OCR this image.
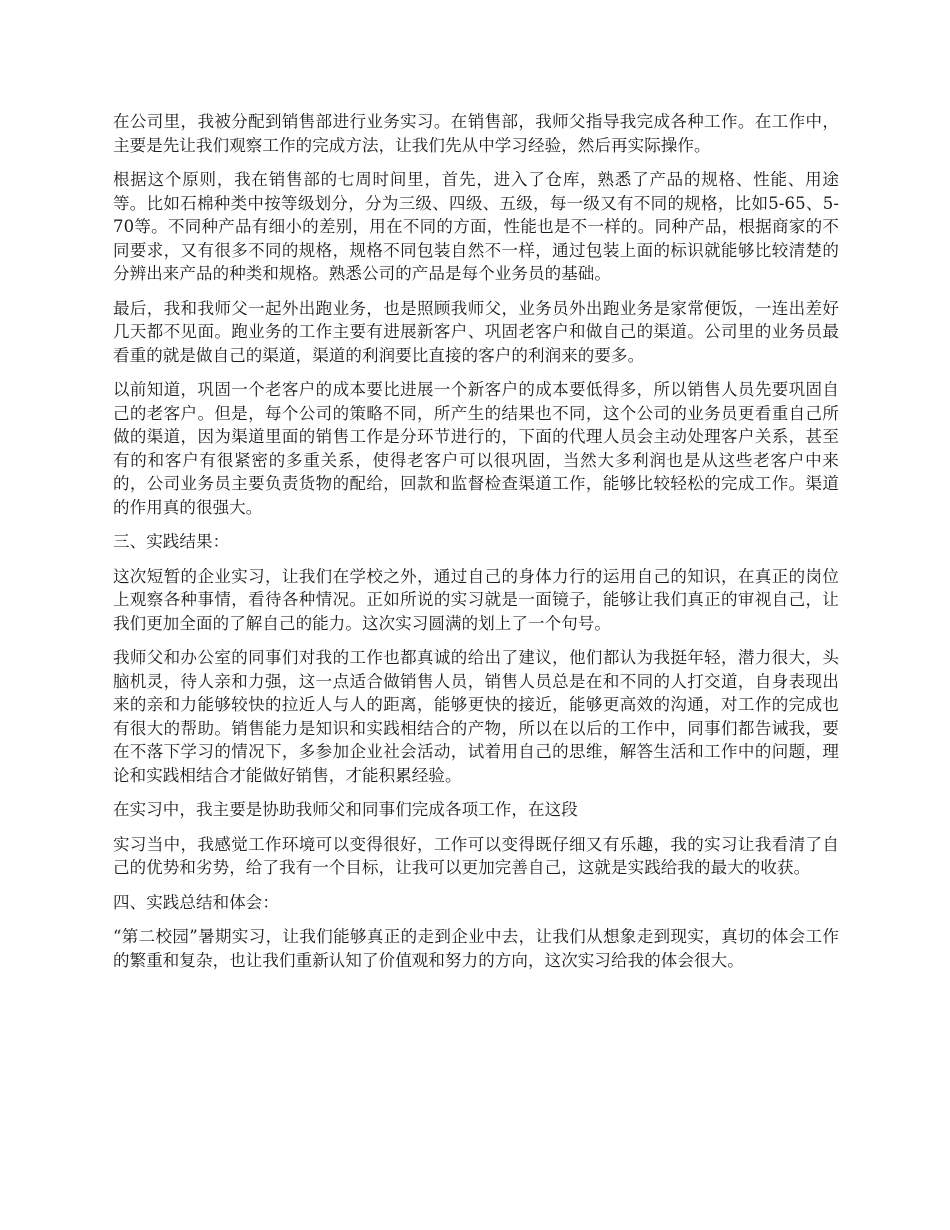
在公司里，我被分配到销售部进行业务实习。在销售部，我师父指导我完成各种工作。在工作中，主要是先让我们观察工作的完成方法，让我们先从中学习经验，然后再实际操作。

根据这个原则，我在销售部的七周时间里，首先，进入了仓库，熟悉了产品的规格、性能、用途等。比如石棉种类中按等级划分，分为三级、四级、五级，每一级又有不同的规格，比如5-65、5-70等。不同种产品有细小的差别，用在不同的方面，性能也是不一样的。同种产品，根据商家的不同要求，又有很多不同的规格，规格不同包装自然不一样，通过包装上面的标识就能够比较清楚的分辨出来产品的种类和规格。熟悉公司的产品是每个业务员的基础。

最后，我和我师父一起外出跑业务，也是照顾我师父，业务员外出跑业务是家常便饭，一连出差好几天都不见面。跑业务的工作主要有进展新客户、巩固老客户和做自己的渠道。公司里的业务员最看重的就是做自己的渠道，渠道的利润要比直接的客户的利润来的要多。

以前知道，巩固一个老客户的成本要比进展一个新客户的成本要低得多，所以销售人员先要巩固自己的老客户。但是，每个公司的策略不同，所产生的结果也不同，这个公司的业务员更看重自己所做的渠道，因为渠道里面的销售工作是分环节进行的，下面的代理人员会主动处理客户关系，甚至有的和客户有很紧密的多重关系，使得老客户可以很巩固，当然大多利润也是从这些老客户中来的，公司业务员主要负责货物的配给，回款和监督检查渠道工作，能够比较轻松的完成工作。渠道的作用真的很强大。

三、实践结果：

这次短暂的企业实习，让我们在学校之外，通过自己的身体力行的运用自己的知识，在真正的岗位上观察各种事情，看待各种情况。正如所说的实习就是一面镜子，能够让我们真正的审视自己，让我们更加全面的了解自己的能力。这次实习圆满的划上了一个句号。

我师父和办公室的同事们对我的工作也都真诚的给出了建议，他们都认为我挺年轻，潜力很大，头脑机灵，待人亲和力强，这一点适合做销售人员，销售人员总是在和不同的人打交道，自身表现出来的亲和力能够较快的拉近人与人的距离，能够更快的接近，能够更高效的沟通，对工作的完成也有很大的帮助。销售能力是知识和实践相结合的产物，所以在以后的工作中，同事们都告诫我，要在不落下学习的情况下，多参加企业社会活动，试着用自己的思维，解答生活和工作中的问题，理论和实践相结合才能做好销售，才能积累经验。

在实习中，我主要是协助我师父和同事们完成各项工作，在这段

实习当中，我感觉工作环境可以变得很好，工作可以变得既仔细又有乐趣，我的实习让我看清了自己的优势和劣势，给了我有一个目标，让我可以更加完善自己，这就是实践给我的最大的收获。

四、实践总结和体会：

“第二校园”暑期实习，让我们能够真正的走到企业中去，让我们从想象走到现实，真切的体会工作的繁重和复杂，也让我们重新认知了价值观和努力的方向，这次实习给我的体会很大。
